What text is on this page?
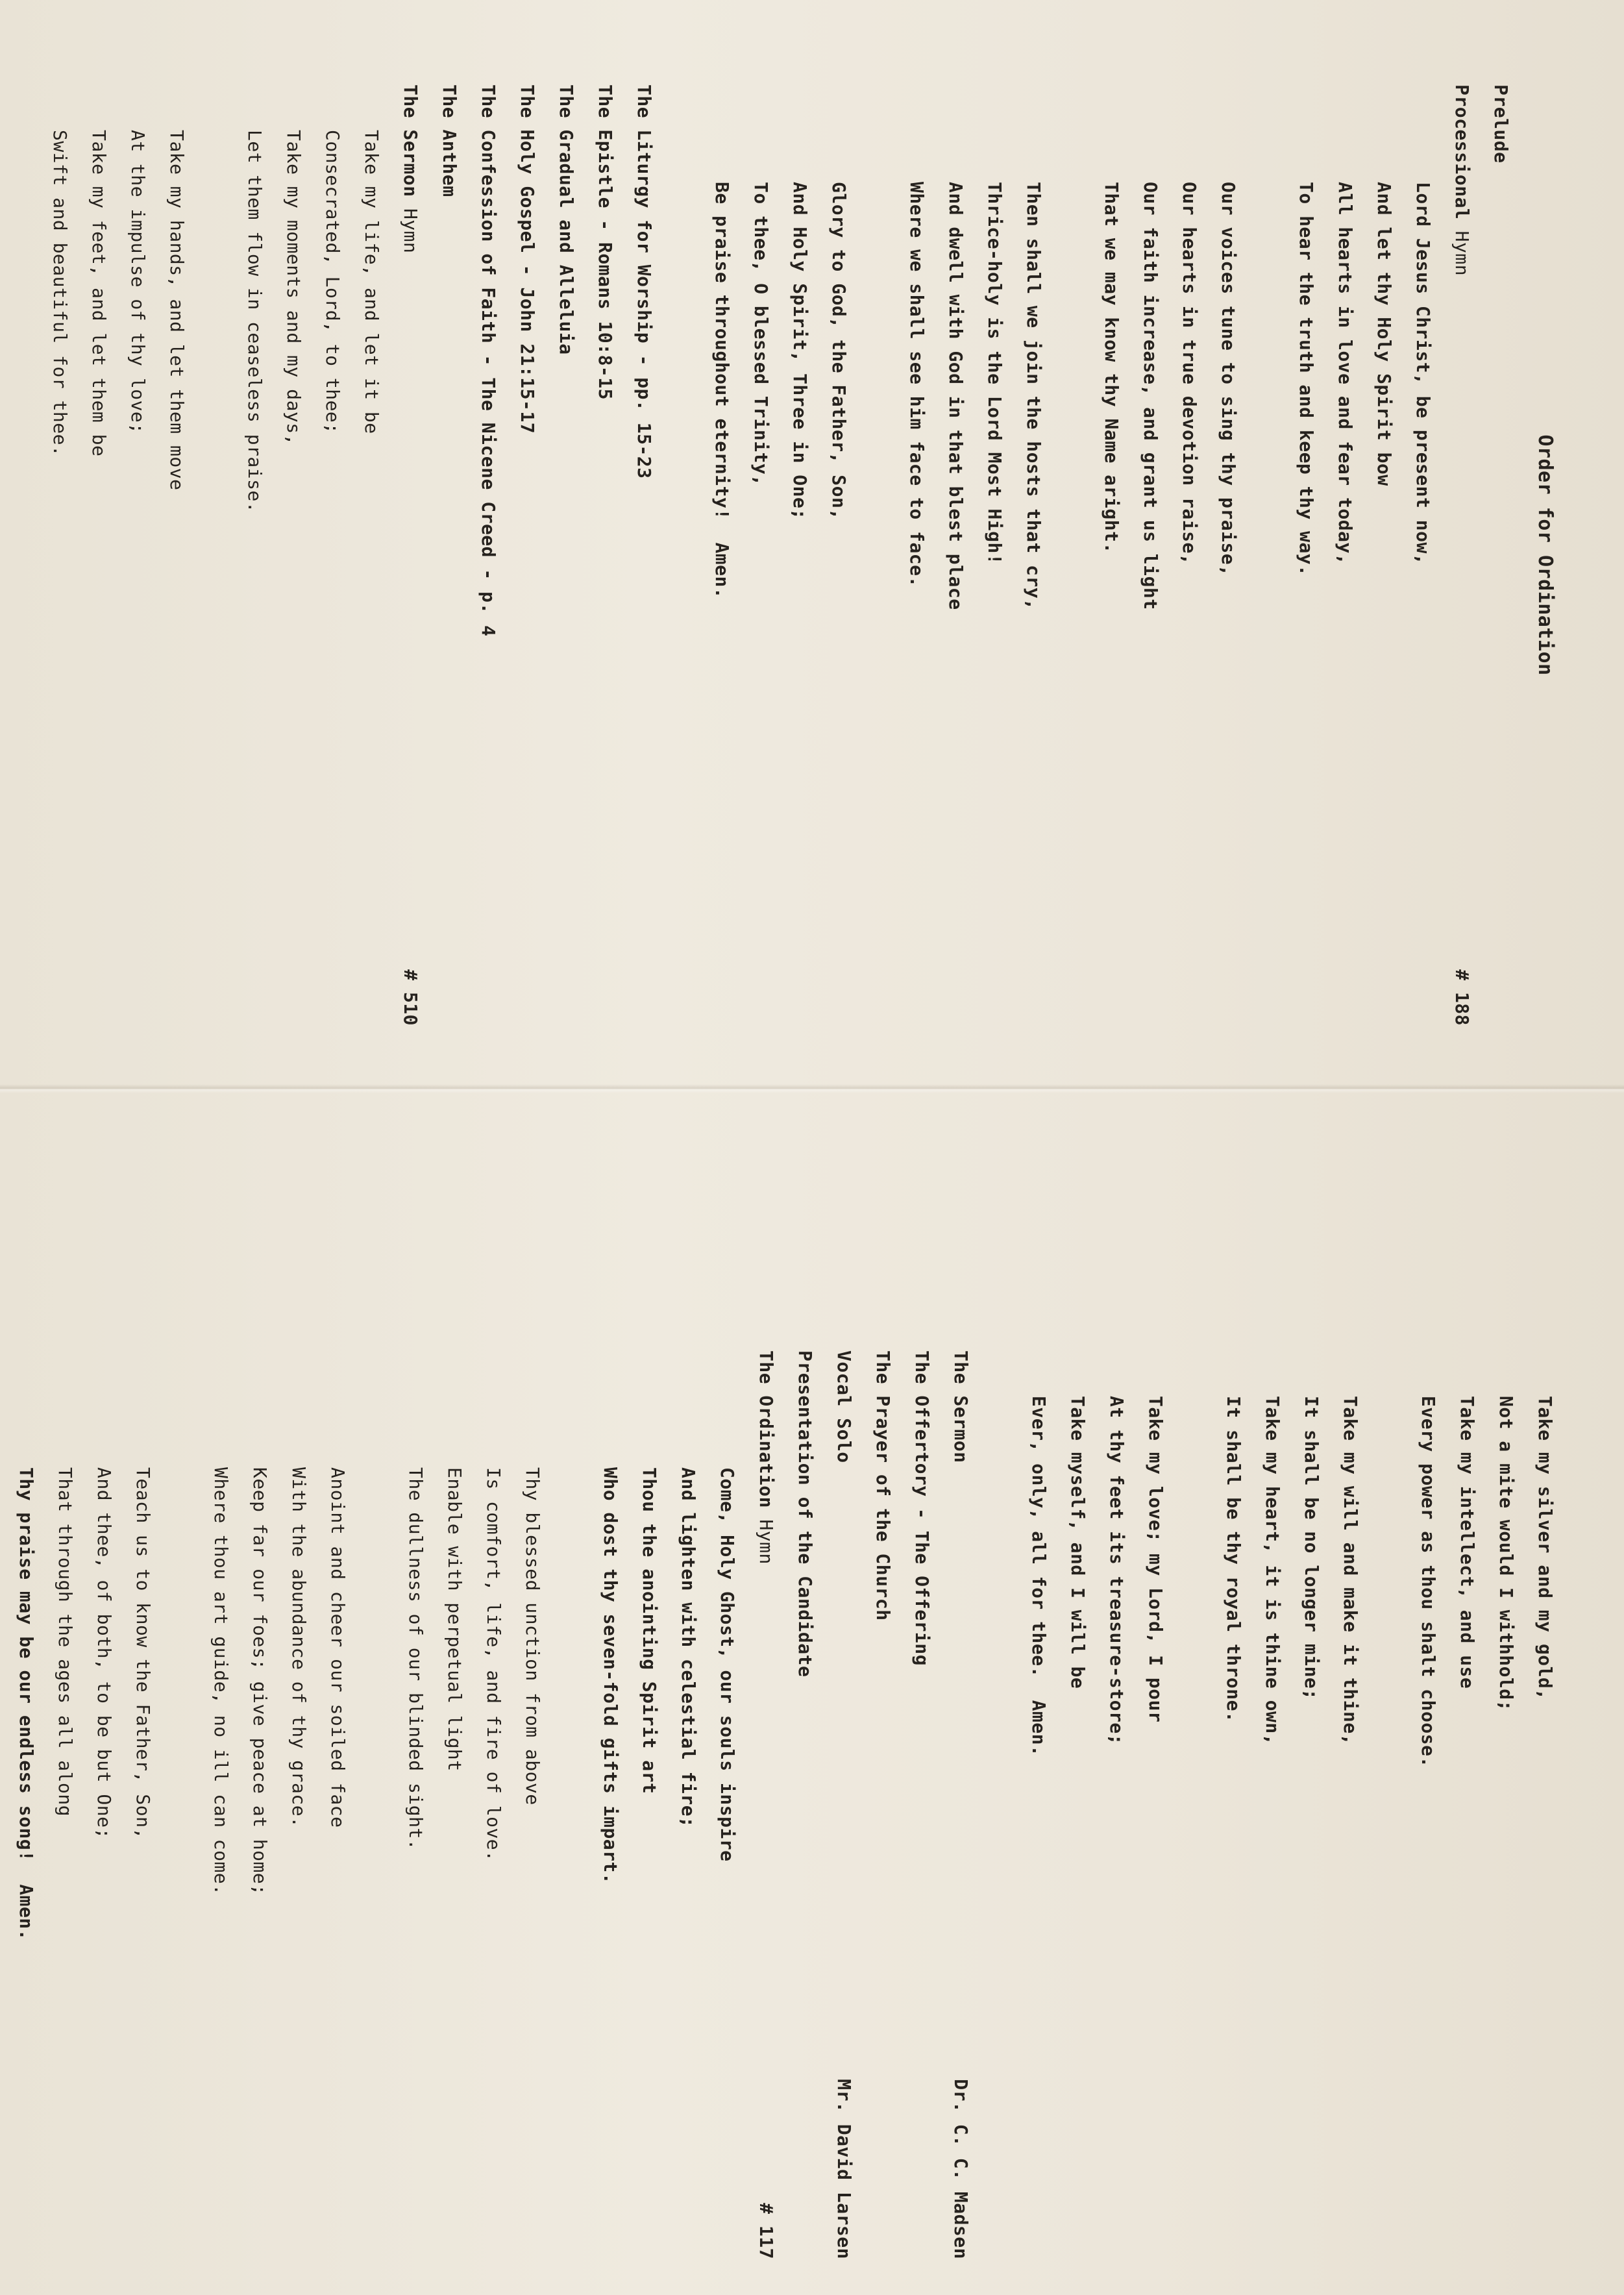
Order for Ordination
Prelude
Processional Hymn
# 188
Lord Jesus Christ, be present now,
And let thy Holy Spirit bow
All hearts in love and fear today,
To hear the truth and keep thy way.
Our voices tune to sing thy praise,
Our hearts in true devotion raise,
Our faith increase, and grant us light
That we may know thy Name aright.
Then shall we join the hosts that cry,
Thrice-holy is the Lord Most High!
And dwell with God in that blest place
Where we shall see him face to face.
Glory to God, the Father, Son,
And Holy Spirit, Three in One;
To thee, O blessed Trinity,
Be praise throughout eternity!  Amen.
The Liturgy for Worship - pp. 15-23
The Epistle - Romans 10:8-15
The Gradual and Alleluia
The Holy Gospel - John 21:15-17
The Confession of Faith - The Nicene Creed - p. 4
The Anthem
The Sermon Hymn
# 510
Take my life, and let it be
Consecrated, Lord, to thee;
Take my moments and my days,
Let them flow in ceaseless praise.
Take my hands, and let them move
At the impulse of thy love;
Take my feet, and let them be
Swift and beautiful for thee.
Take my silver and my gold,
Not a mite would I withhold;
Take my intellect, and use
Every power as thou shalt choose.
Take my will and make it thine,
It shall be no longer mine;
Take my heart, it is thine own,
It shall be thy royal throne.
Take my love; my Lord, I pour
At thy feet its treasure-store;
Take myself, and I will be
Ever, only, all for thee.  Amen.
The Sermon
Dr. C. C. Madsen
The Offertory - The Offering
The Prayer of the Church
Vocal Solo
Mr. David Larsen
Presentation of the Candidate
The Ordination Hymn
# 117
Come, Holy Ghost, our souls inspire
And lighten with celestial fire;
Thou the anointing Spirit art
Who dost thy seven-fold gifts impart.
Thy blessed unction from above
Is comfort, life, and fire of love.
Enable with perpetual light
The dullness of our blinded sight.
Anoint and cheer our soiled face
With the abundance of thy grace.
Keep far our foes; give peace at home;
Where thou art guide, no ill can come.
Teach us to know the Father, Son,
And thee, of both, to be but One;
That through the ages all along
Thy praise may be our endless song!  Amen.
